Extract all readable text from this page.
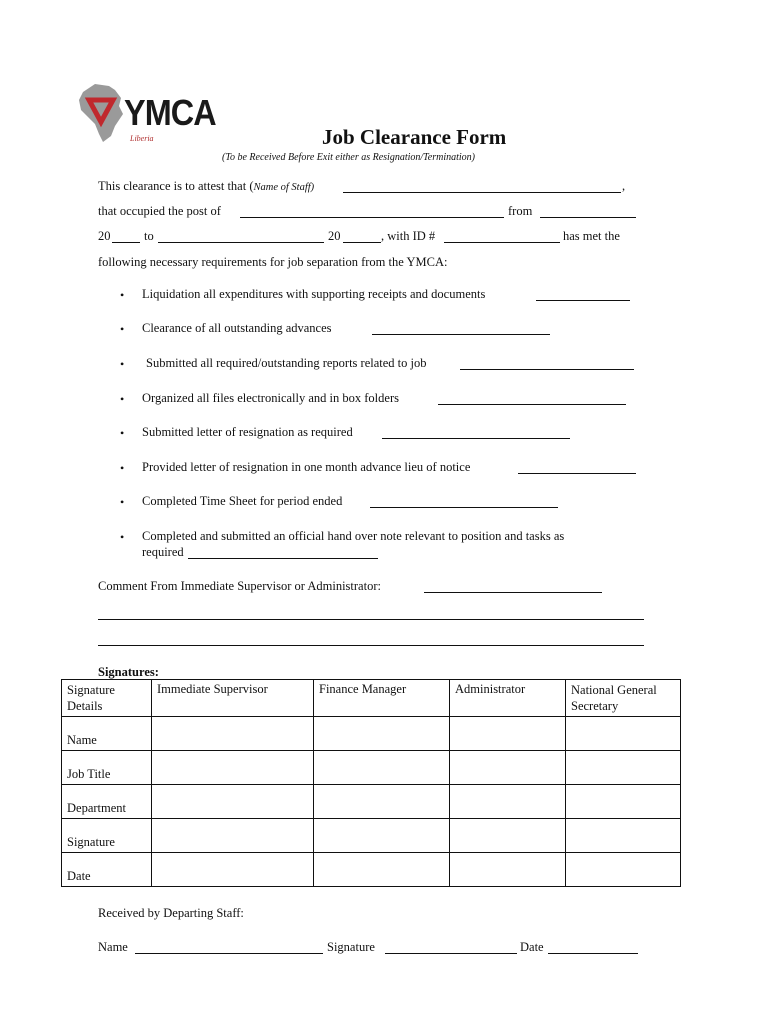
YMCA
Liberia	Job Clearance Form
(To be Received Before Exit either as Resignation/Termination)
This clearance is to attest that (Name of Staff)	,
that occupied the post of	from
20	to	20	, with ID #	has met the
following necessary requirements for job separation from the YMCA:
• Liquidation all expenditures with supporting receipts and documents
• Clearance of all outstanding advances
• Submitted all required/outstanding reports related to job
• Organized all files electronically and in box folders
• Submitted letter of resignation as required
• Provided letter of resignation in one month advance lieu of notice
• Completed Time Sheet for period ended
• Completed and submitted an official hand over note relevant to position and tasks as
required
Comment From Immediate Supervisor or Administrator:
Signatures:
Signature Details	Immediate Supervisor	Finance Manager	Administrator	National General Secretary
Name				
Job Title				
Department				
Signature				
Date				
Received by Departing Staff:
Name	Signature	Date
